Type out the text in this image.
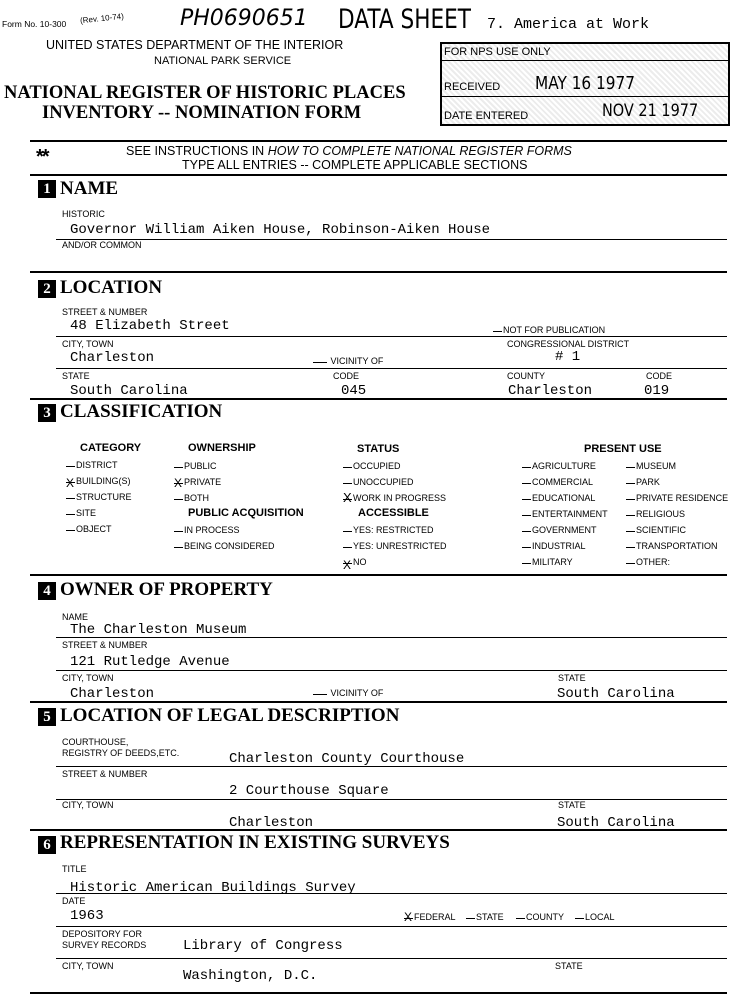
Form No. 10-300 (Rev. 10-74)	PH0690651 DATA SHEET 7. America at Work
UNITED STATES DEPARTMENT OF THE INTERIOR
NATIONAL PARK SERVICE
NATIONAL REGISTER OF HISTORIC PLACES
INVENTORY -- NOMINATION FORM
FOR NPS USE ONLY
RECEIVED MAY 16 1977
DATE ENTERED	NOV 21 1977
**	SEE INSTRUCTIONS IN HOW TO COMPLETE NATIONAL REGISTER FORMS
TYPE ALL ENTRIES -- COMPLETE APPLICABLE SECTIONS
1 NAME
HISTORIC
Governor William Aiken House, Robinson-Aiken House
AND/OR COMMON
2 LOCATION
STREET & NUMBER
48 Elizabeth Street	NOT FOR PUBLICATION
CITY, TOWN	CONGRESSIONAL DISTRICT
Charleston	VICINITY OF	# 1
STATE	CODE	COUNTY	CODE
South Carolina	045	Charleston	019
3 CLASSIFICATION
CATEGORY	OWNERSHIP	STATUS	PRESENT USE
DISTRICT
X BUILDING(S)
STRUCTURE
SITE
OBJECT
PUBLIC
X PRIVATE
BOTH
PUBLIC ACQUISITION
IN PROCESS
BEING CONSIDERED
OCCUPIED
UNOCCUPIED
X WORK IN PROGRESS
ACCESSIBLE
YES: RESTRICTED
YES: UNRESTRICTED
X NO
AGRICULTURE
COMMERCIAL
EDUCATIONAL
ENTERTAINMENT
GOVERNMENT
INDUSTRIAL
MILITARY
MUSEUM
PARK
PRIVATE RESIDENCE
RELIGIOUS
SCIENTIFIC
TRANSPORTATION
OTHER:
4 OWNER OF PROPERTY
NAME
The Charleston Museum
STREET & NUMBER
121 Rutledge Avenue
CITY, TOWN	STATE
Charleston	VICINITY OF	South Carolina
5 LOCATION OF LEGAL DESCRIPTION
COURTHOUSE,
REGISTRY OF DEEDS,ETC.	Charleston County Courthouse
STREET & NUMBER
2 Courthouse Square
CITY, TOWN	STATE
Charleston	South Carolina
6 REPRESENTATION IN EXISTING SURVEYS
TITLE
Historic American Buildings Survey
DATE
1963	X FEDERAL	STATE	COUNTY	LOCAL
DEPOSITORY FOR
SURVEY RECORDS	Library of Congress
CITY, TOWN	STATE
Washington, D.C.
